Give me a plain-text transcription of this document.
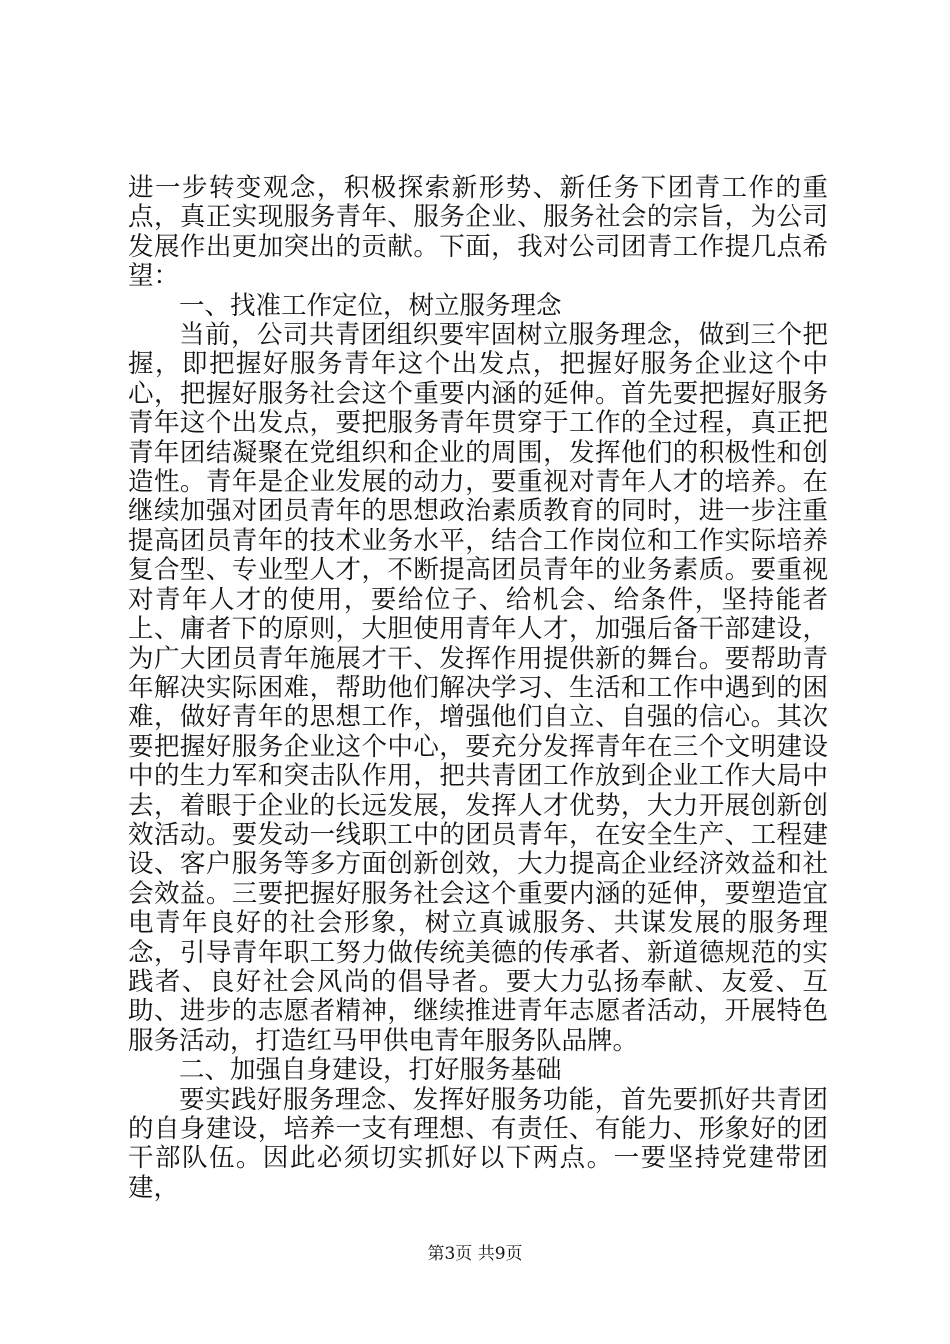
进一步转变观念，积极探索新形势、新任务下团青工作的重点，真正实现服务青年、服务企业、服务社会的宗旨，为公司发展作出更加突出的贡献。下面，我对公司团青工作提几点希望：

一、找准工作定位，树立服务理念

当前，公司共青团组织要牢固树立服务理念，做到三个把握，即把握好服务青年这个出发点，把握好服务企业这个中心，把握好服务社会这个重要内涵的延伸。首先要把握好服务青年这个出发点，要把服务青年贯穿于工作的全过程，真正把青年团结凝聚在党组织和企业的周围，发挥他们的积极性和创造性。青年是企业发展的动力，要重视对青年人才的培养。在继续加强对团员青年的思想政治素质教育的同时，进一步注重提高团员青年的技术业务水平，结合工作岗位和工作实际培养复合型、专业型人才，不断提高团员青年的业务素质。要重视对青年人才的使用，要给位子、给机会、给条件，坚持能者上、庸者下的原则，大胆使用青年人才，加强后备干部建设，为广大团员青年施展才干、发挥作用提供新的舞台。要帮助青年解决实际困难，帮助他们解决学习、生活和工作中遇到的困难，做好青年的思想工作，增强他们自立、自强的信心。其次要把握好服务企业这个中心，要充分发挥青年在三个文明建设中的生力军和突击队作用，把共青团工作放到企业工作大局中去，着眼于企业的长远发展，发挥人才优势，大力开展创新创效活动。要发动一线职工中的团员青年，在安全生产、工程建设、客户服务等多方面创新创效，大力提高企业经济效益和社会效益。三要把握好服务社会这个重要内涵的延伸，要塑造宜电青年良好的社会形象，树立真诚服务、共谋发展的服务理念，引导青年职工努力做传统美德的传承者、新道德规范的实践者、良好社会风尚的倡导者。要大力弘扬奉献、友爱、互助、进步的志愿者精神，继续推进青年志愿者活动，开展特色服务活动，打造红马甲供电青年服务队品牌。

二、加强自身建设，打好服务基础

要实践好服务理念、发挥好服务功能，首先要抓好共青团的自身建设，培养一支有理想、有责任、有能力、形象好的团干部队伍。因此必须切实抓好以下两点。一要坚持党建带团建，

第3页 共9页
